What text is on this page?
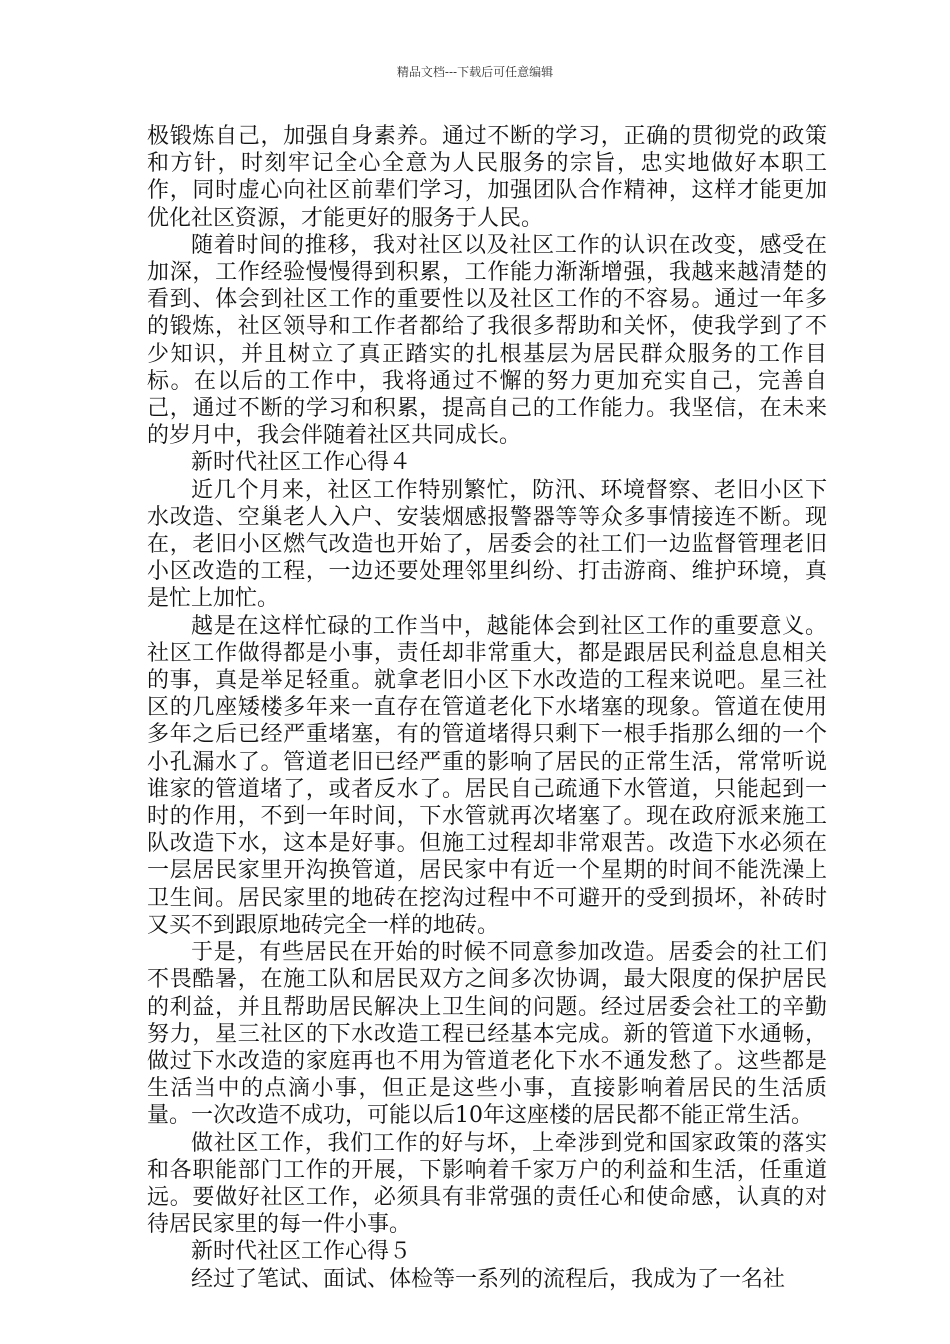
精品文档---下载后可任意编辑

极锻炼自己，加强自身素养。通过不断的学习，正确的贯彻党的政策和方针，时刻牢记全心全意为人民服务的宗旨，忠实地做好本职工作，同时虚心向社区前辈们学习，加强团队合作精神，这样才能更加优化社区资源，才能更好的服务于人民。

随着时间的推移，我对社区以及社区工作的认识在改变，感受在加深，工作经验慢慢得到积累，工作能力渐渐增强，我越来越清楚的看到、体会到社区工作的重要性以及社区工作的不容易。通过一年多的锻炼，社区领导和工作者都给了我很多帮助和关怀，使我学到了不少知识，并且树立了真正踏实的扎根基层为居民群众服务的工作目标。在以后的工作中，我将通过不懈的努力更加充实自己，完善自己，通过不断的学习和积累，提高自己的工作能力。我坚信，在未来的岁月中，我会伴随着社区共同成长。

新时代社区工作心得４

近几个月来，社区工作特别繁忙，防汛、环境督察、老旧小区下水改造、空巢老人入户、安装烟感报警器等等众多事情接连不断。现在，老旧小区燃气改造也开始了，居委会的社工们一边监督管理老旧小区改造的工程，一边还要处理邻里纠纷、打击游商、维护环境，真是忙上加忙。

越是在这样忙碌的工作当中，越能体会到社区工作的重要意义。社区工作做得都是小事，责任却非常重大，都是跟居民利益息息相关的事，真是举足轻重。就拿老旧小区下水改造的工程来说吧。星三社区的几座矮楼多年来一直存在管道老化下水堵塞的现象。管道在使用多年之后已经严重堵塞，有的管道堵得只剩下一根手指那么细的一个小孔漏水了。管道老旧已经严重的影响了居民的正常生活，常常听说谁家的管道堵了，或者反水了。居民自己疏通下水管道，只能起到一时的作用，不到一年时间，下水管就再次堵塞了。现在政府派来施工队改造下水，这本是好事。但施工过程却非常艰苦。改造下水必须在一层居民家里开沟换管道，居民家中有近一个星期的时间不能洗澡上卫生间。居民家里的地砖在挖沟过程中不可避开的受到损坏，补砖时又买不到跟原地砖完全一样的地砖。

于是，有些居民在开始的时候不同意参加改造。居委会的社工们不畏酷暑，在施工队和居民双方之间多次协调，最大限度的保护居民的利益，并且帮助居民解决上卫生间的问题。经过居委会社工的辛勤努力，星三社区的下水改造工程已经基本完成。新的管道下水通畅，做过下水改造的家庭再也不用为管道老化下水不通发愁了。这些都是生活当中的点滴小事，但正是这些小事，直接影响着居民的生活质量。一次改造不成功，可能以后10年这座楼的居民都不能正常生活。

做社区工作，我们工作的好与坏，上牵涉到党和国家政策的落实和各职能部门工作的开展，下影响着千家万户的利益和生活，任重道远。要做好社区工作，必须具有非常强的责任心和使命感，认真的对待居民家里的每一件小事。

新时代社区工作心得５

经过了笔试、面试、体检等一系列的流程后，我成为了一名社
